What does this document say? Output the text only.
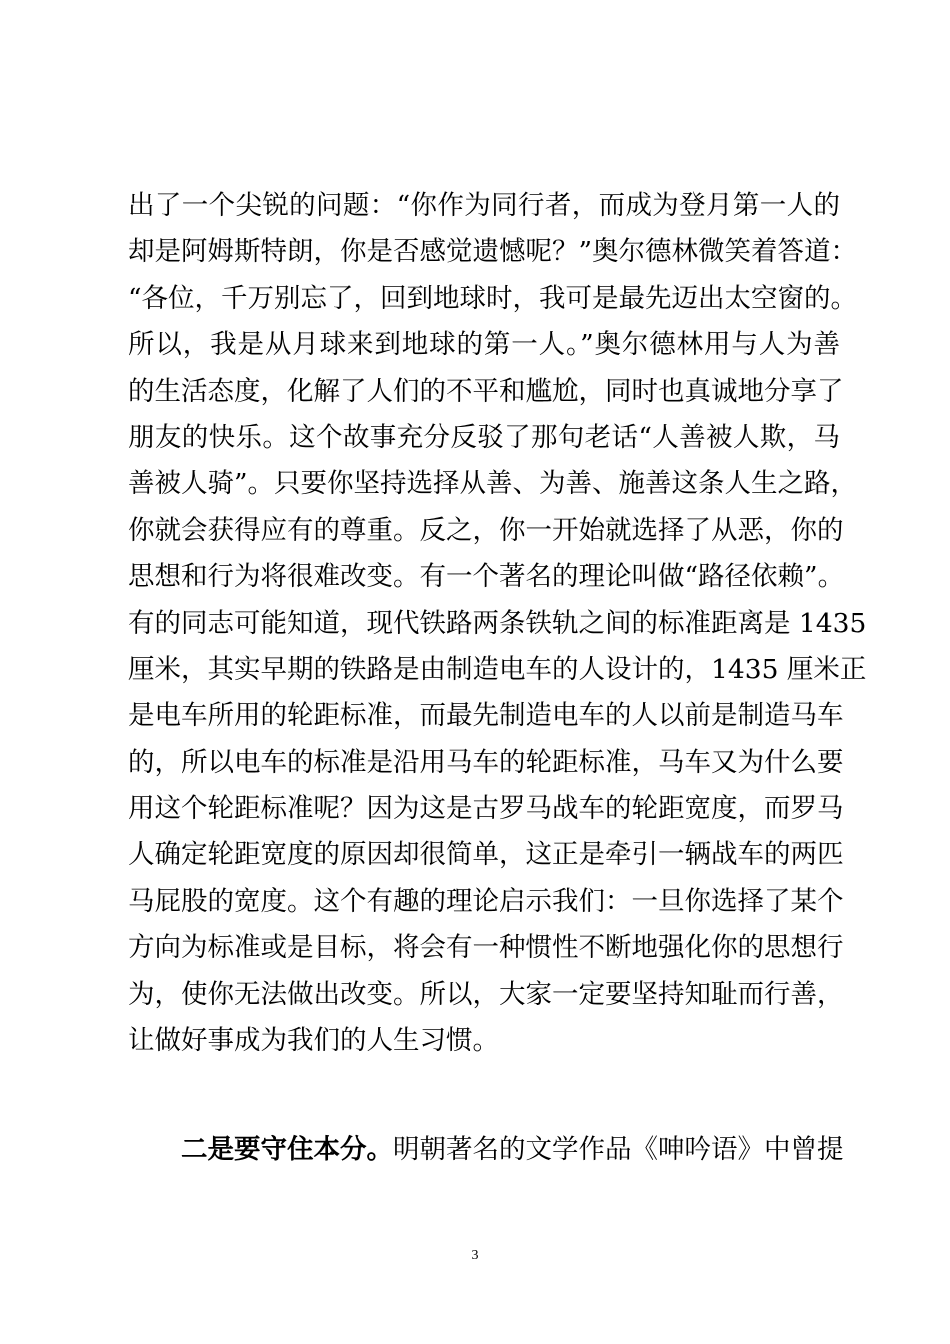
出了一个尖锐的问题：“你作为同行者，而成为登月第一人的
却是阿姆斯特朗，你是否感觉遗憾呢？”奥尔德林微笑着答道：
“各位，千万别忘了，回到地球时，我可是最先迈出太空窗的。
所以，我是从月球来到地球的第一人。”奥尔德林用与人为善
的生活态度，化解了人们的不平和尴尬，同时也真诚地分享了
朋友的快乐。这个故事充分反驳了那句老话“人善被人欺，马
善被人骑”。只要你坚持选择从善、为善、施善这条人生之路，
你就会获得应有的尊重。反之，你一开始就选择了从恶，你的
思想和行为将很难改变。有一个著名的理论叫做“路径依赖”。
有的同志可能知道，现代铁路两条铁轨之间的标准距离是 1435
厘米，其实早期的铁路是由制造电车的人设计的，1435 厘米正
是电车所用的轮距标准，而最先制造电车的人以前是制造马车
的，所以电车的标准是沿用马车的轮距标准，马车又为什么要
用这个轮距标准呢？因为这是古罗马战车的轮距宽度，而罗马
人确定轮距宽度的原因却很简单，这正是牵引一辆战车的两匹
马屁股的宽度。这个有趣的理论启示我们：一旦你选择了某个
方向为标准或是目标，将会有一种惯性不断地强化你的思想行
为，使你无法做出改变。所以，大家一定要坚持知耻而行善，
让做好事成为我们的人生习惯。

二是要守住本分。明朝著名的文学作品《呻吟语》中曾提

3
